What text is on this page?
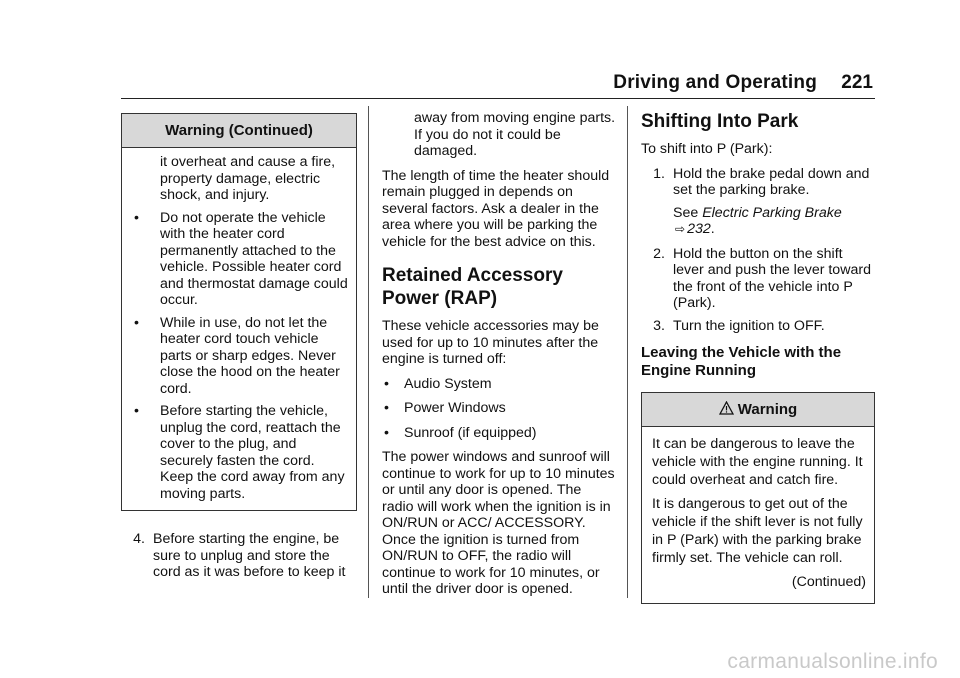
Driving and Operating 221
Warning (Continued)

it overheat and cause a fire, property damage, electric shock, and injury.

•	Do not operate the vehicle with the heater cord permanently attached to the vehicle. Possible heater cord and thermostat damage could occur.
•	While in use, do not let the heater cord touch vehicle parts or sharp edges. Never close the hood on the heater cord.
•	Before starting the vehicle, unplug the cord, reattach the cover to the plug, and securely fasten the cord. Keep the cord away from any moving parts.
4. Before starting the engine, be sure to unplug and store the cord as it was before to keep it

away from moving engine parts. If you do not it could be damaged.

The length of time the heater should remain plugged in depends on several factors. Ask a dealer in the area where you will be parking the vehicle for the best advice on this.

Retained Accessory Power (RAP)

These vehicle accessories may be used for up to 10 minutes after the engine is turned off:

•	Audio System
•	Power Windows
•	Sunroof (if equipped)

The power windows and sunroof will continue to work for up to 10 minutes or until any door is opened. The radio will work when the ignition is in ON/RUN or ACC/ ACCESSORY. Once the ignition is turned from ON/RUN to OFF, the radio will continue to work for 10 minutes, or until the driver door is opened.

Shifting Into Park

To shift into P (Park):

1. Hold the brake pedal down and set the parking brake.

See Electric Parking Brake ⇨ 232.

2. Hold the button on the shift lever and push the lever toward the front of the vehicle into P (Park).
3. Turn the ignition to OFF.
Leaving the Vehicle with the Engine Running
Warning

It can be dangerous to leave the vehicle with the engine running. It could overheat and catch fire.

It is dangerous to get out of the vehicle if the shift lever is not fully in P (Park) with the parking brake firmly set. The vehicle can roll.

(Continued)

carmanualsonline.info
